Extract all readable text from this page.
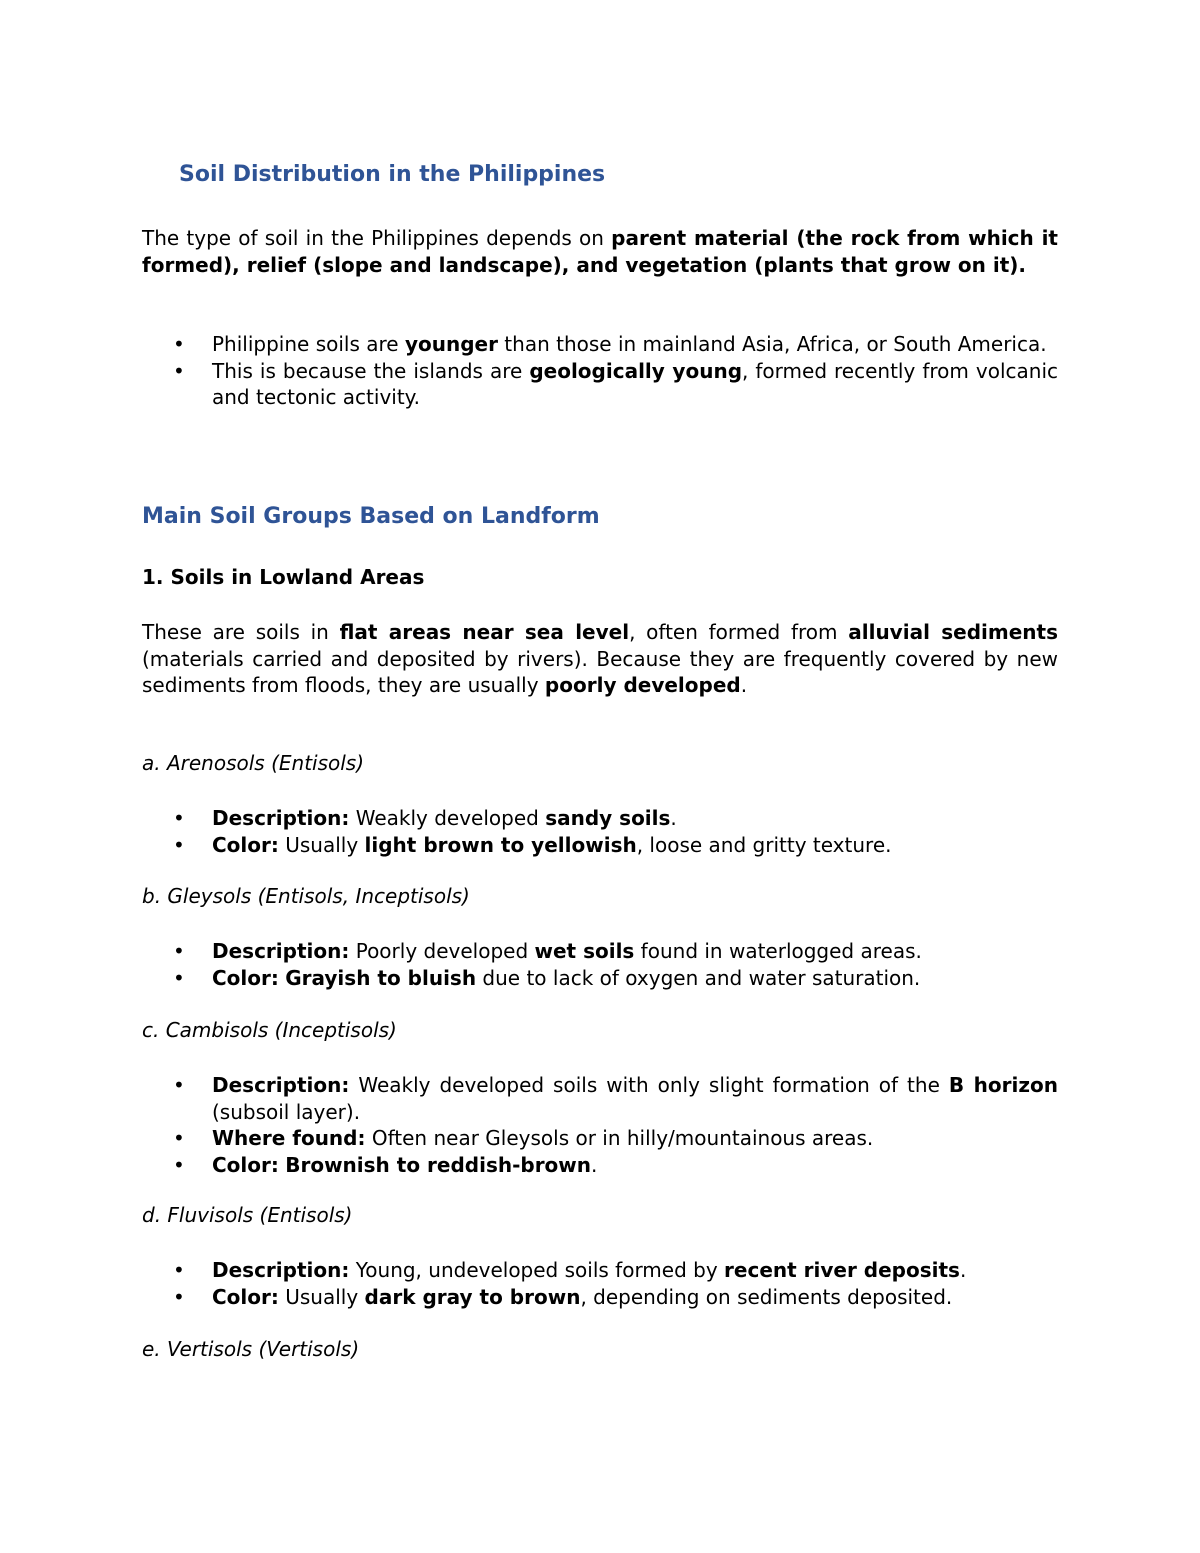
Soil Distribution in the Philippines
The type of soil in the Philippines depends on parent material (the rock from which it formed), relief (slope and landscape), and vegetation (plants that grow on it).
• Philippine soils are younger than those in mainland Asia, Africa, or South America.
• This is because the islands are geologically young, formed recently from volcanic and tectonic activity.
Main Soil Groups Based on Landform
1. Soils in Lowland Areas
These are soils in flat areas near sea level, often formed from alluvial sediments (materials carried and deposited by rivers). Because they are frequently covered by new sediments from floods, they are usually poorly developed.
a. Arenosols (Entisols)
• Description: Weakly developed sandy soils.
• Color: Usually light brown to yellowish, loose and gritty texture.
b. Gleysols (Entisols, Inceptisols)
• Description: Poorly developed wet soils found in waterlogged areas.
• Color: Grayish to bluish due to lack of oxygen and water saturation.
c. Cambisols (Inceptisols)
• Description: Weakly developed soils with only slight formation of the B horizon (subsoil layer).
• Where found: Often near Gleysols or in hilly/mountainous areas.
• Color: Brownish to reddish-brown.
d. Fluvisols (Entisols)
• Description: Young, undeveloped soils formed by recent river deposits.
• Color: Usually dark gray to brown, depending on sediments deposited.
e. Vertisols (Vertisols)
